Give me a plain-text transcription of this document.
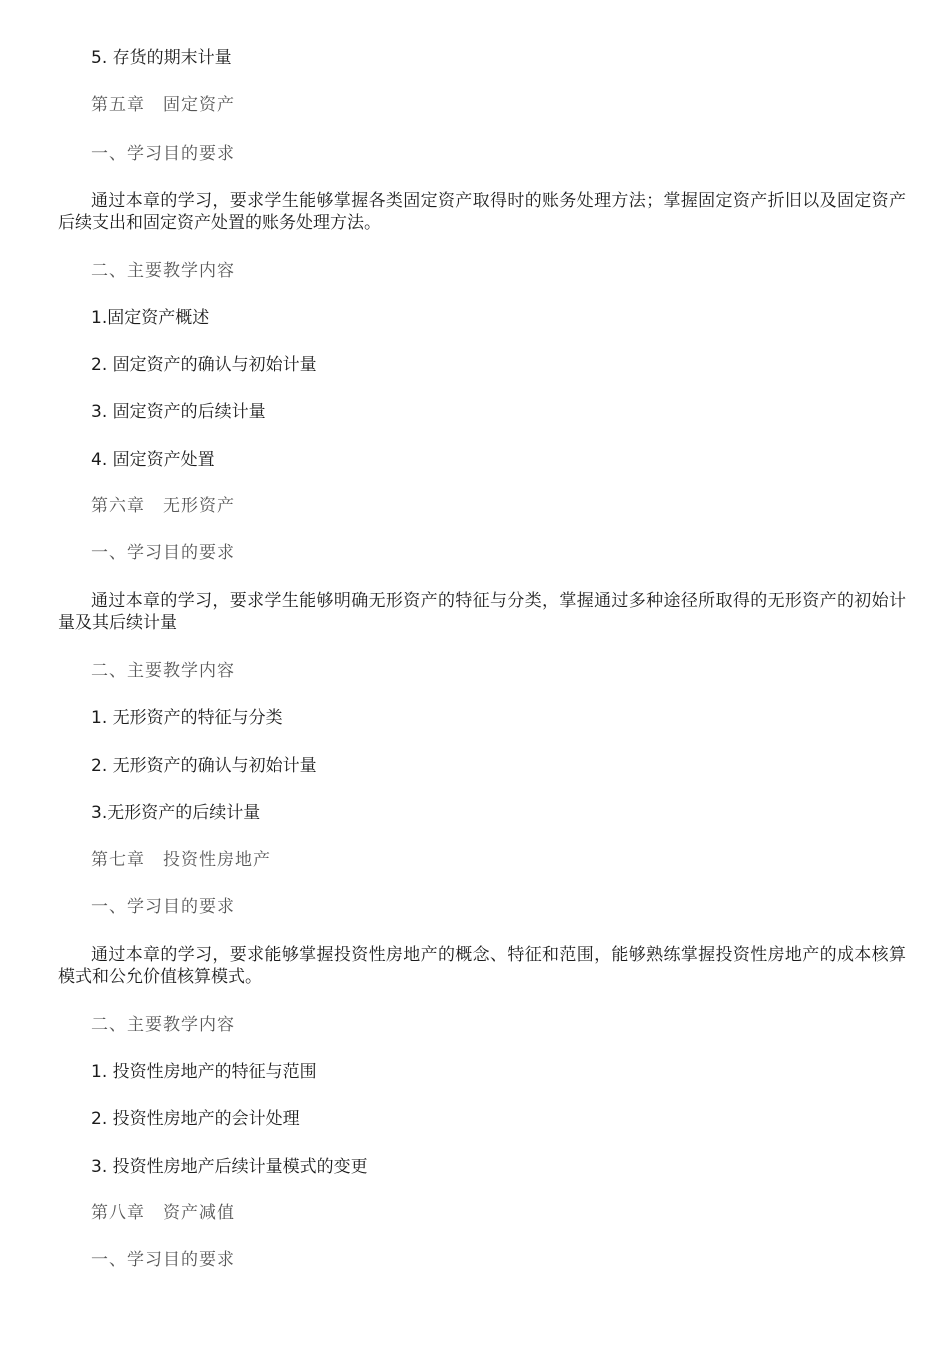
5. 存货的期末计量
第五章　固定资产
一、学习目的要求
通过本章的学习，要求学生能够掌握各类固定资产取得时的账务处理方法；掌握固定资产折旧以及固定资产后续支出和固定资产处置的账务处理方法。
二、主要教学内容
1.固定资产概述
2. 固定资产的确认与初始计量
3. 固定资产的后续计量
4. 固定资产处置
第六章　无形资产
一、学习目的要求
通过本章的学习，要求学生能够明确无形资产的特征与分类，掌握通过多种途径所取得的无形资产的初始计量及其后续计量
二、主要教学内容
1. 无形资产的特征与分类
2. 无形资产的确认与初始计量
3.无形资产的后续计量
第七章　投资性房地产
一、学习目的要求
通过本章的学习，要求能够掌握投资性房地产的概念、特征和范围，能够熟练掌握投资性房地产的成本核算模式和公允价值核算模式。
二、主要教学内容
1. 投资性房地产的特征与范围
2. 投资性房地产的会计处理
3. 投资性房地产后续计量模式的变更
第八章　资产减值
一、学习目的要求
